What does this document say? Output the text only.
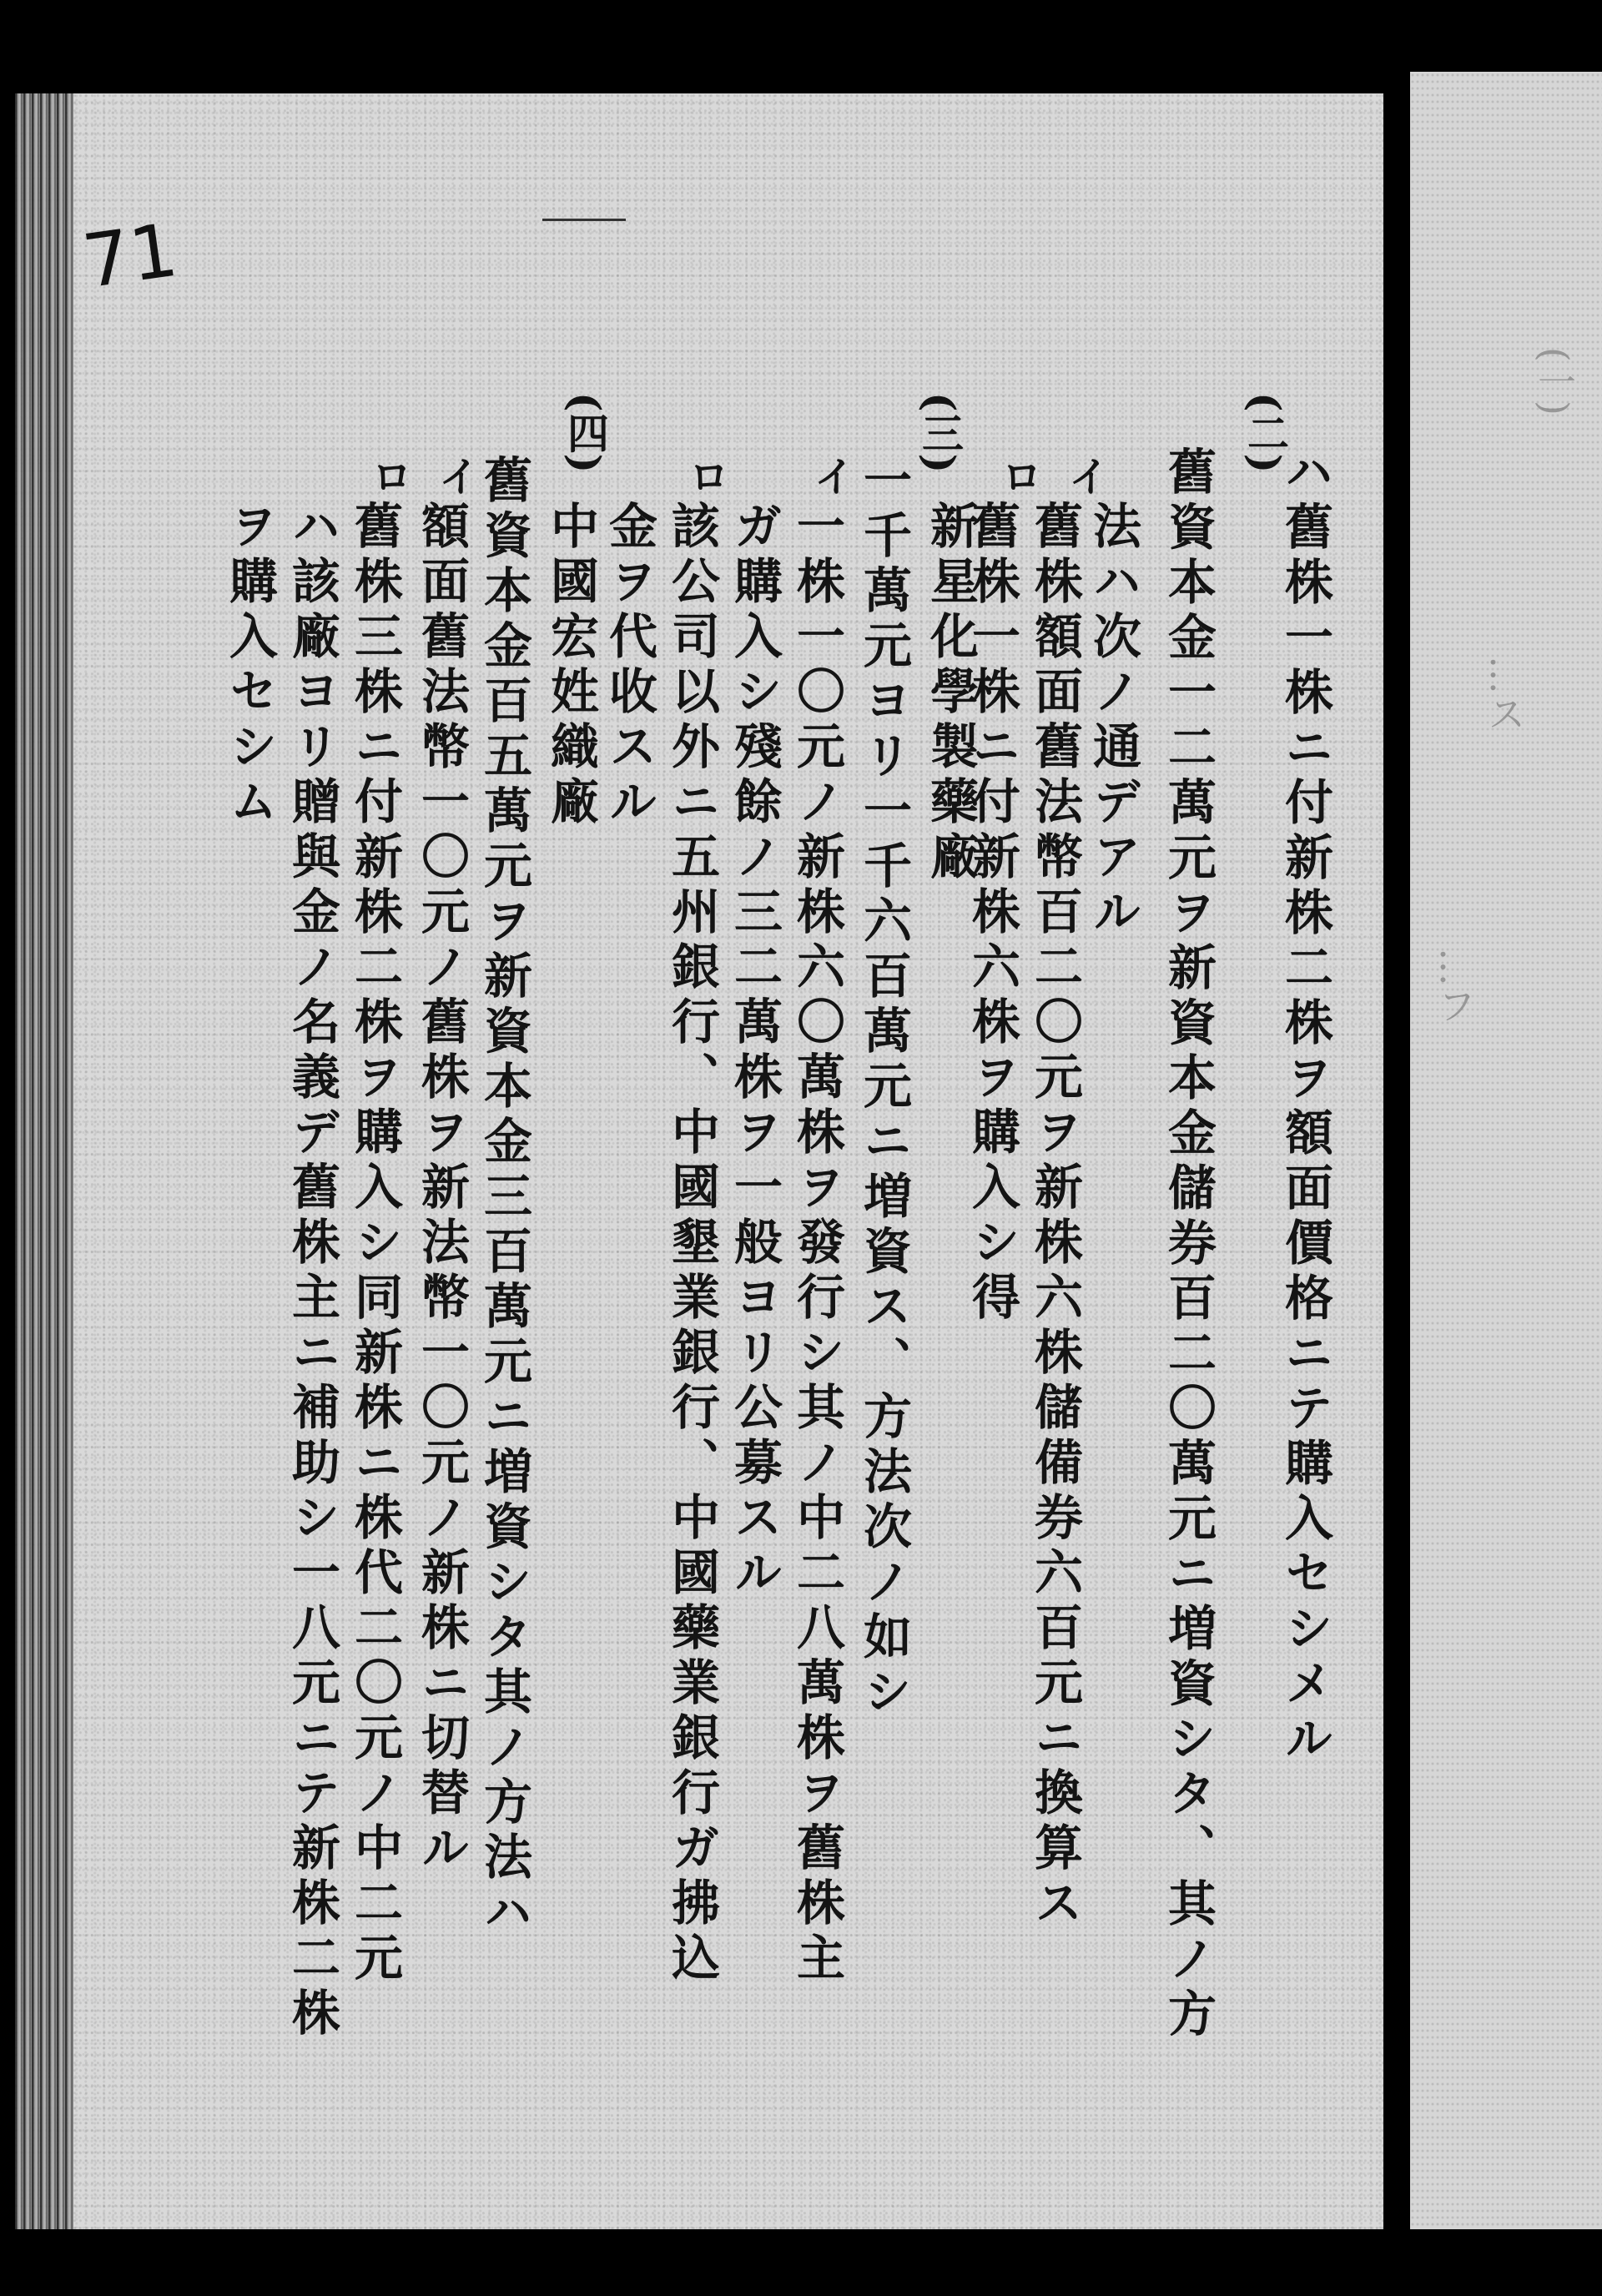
(一)
…ス
…フ
71
(二)
(三)
(四)
イ
ロ
イ
ロ
イ
ロ	ハ舊株一株ニ付新株二株ヲ額面價格ニテ購入セシメル
舊資本金一二萬元ヲ新資本金儲券百二〇萬元ニ増資シタ、其ノ方
法ハ次ノ通デアル
舊株額面舊法幣百二〇元ヲ新株六株儲備券六百元ニ換算ス
舊株一株ニ付新株六株ヲ購入シ得
新星化學製藥廠
一千萬元ヨリ一千六百萬元ニ増資ス、方法次ノ如シ
一株一〇元ノ新株六〇萬株ヲ發行シ其ノ中二八萬株ヲ舊株主
ガ購入シ殘餘ノ三二萬株ヲ一般ヨリ公募スル
該公司以外ニ五州銀行、中國墾業銀行、中國藥業銀行ガ拂込
金ヲ代收スル
中國宏姓織廠
舊資本金百五萬元ヲ新資本金三百萬元ニ増資シタ其ノ方法ハ
額面舊法幣一〇元ノ舊株ヲ新法幣一〇元ノ新株ニ切替ル
舊株三株ニ付新株二株ヲ購入シ同新株ニ株代二〇元ノ中二元
ハ該廠ヨリ贈與金ノ名義デ舊株主ニ補助シ一八元ニテ新株二株
ヲ購入セシム
